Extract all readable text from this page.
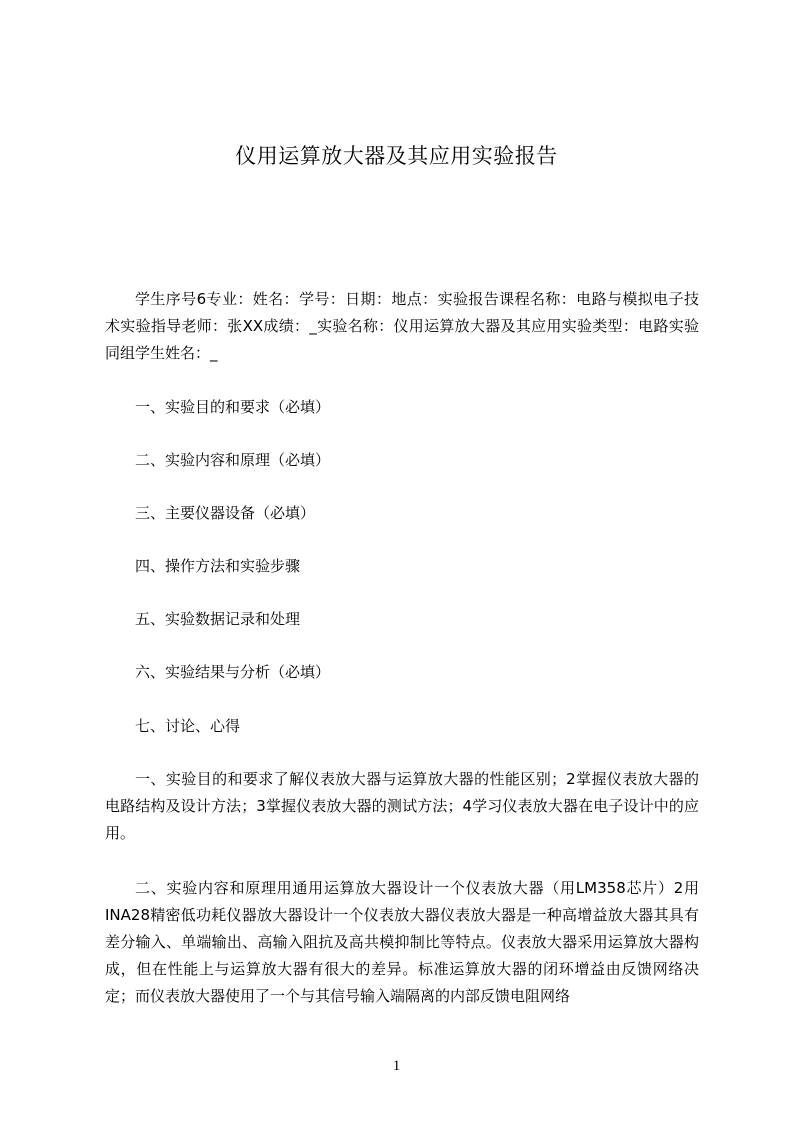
仪用运算放大器及其应用实验报告

学生序号6专业：姓名：学号：日期：地点：实验报告课程名称：电路与模拟电子技术实验指导老师：张XX成绩：_实验名称：仪用运算放大器及其应用实验类型：电路实验同组学生姓名：_

一、实验目的和要求（必填）

二、实验内容和原理（必填）

三、主要仪器设备（必填）

四、操作方法和实验步骤

五、实验数据记录和处理

六、实验结果与分析（必填）

七、讨论、心得

一、实验目的和要求了解仪表放大器与运算放大器的性能区别；2掌握仪表放大器的电路结构及设计方法；3掌握仪表放大器的测试方法；4学习仪表放大器在电子设计中的应用。

二、实验内容和原理用通用运算放大器设计一个仪表放大器（用LM358芯片）2用INA28精密低功耗仪器放大器设计一个仪表放大器仪表放大器是一种高增益放大器其具有差分输入、单端输出、高输入阻抗及高共模抑制比等特点。仪表放大器采用运算放大器构成，但在性能上与运算放大器有很大的差异。标准运算放大器的闭环增益由反馈网络决定；而仪表放大器使用了一个与其信号输入端隔离的内部反馈电阻网络

1
